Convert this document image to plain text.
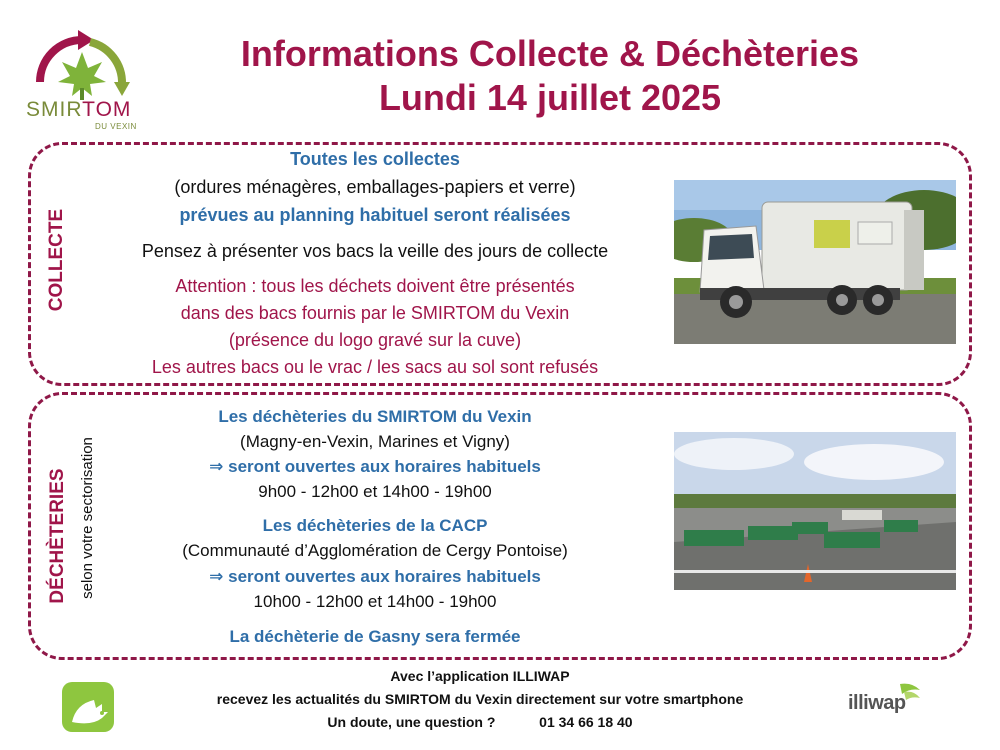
SMIRTOM
DU VEXIN
Informations Collecte & Déchèteries
Lundi 14 juillet 2025
COLLECTE
Toutes les collectes
(ordures ménagères, emballages-papiers et verre)
prévues au planning habituel seront réalisées
Pensez à présenter vos bacs la veille des jours de collecte
Attention : tous les déchets doivent être présentés
dans des bacs fournis par le SMIRTOM du Vexin
(présence du logo gravé sur la cuve)
Les autres bacs ou le vrac / les sacs au sol sont refusés
DÉCHÈTERIES selon votre sectorisation
Les déchèteries du SMIRTOM du Vexin
(Magny-en-Vexin, Marines et Vigny)
⇒ seront ouvertes aux horaires habituels
9h00 - 12h00 et 14h00 - 19h00
Les déchèteries de la CACP
(Communauté d’Agglomération de Cergy Pontoise)
⇒ seront ouvertes aux horaires habituels
10h00 - 12h00 et 14h00 - 19h00
La déchèterie de Gasny sera fermée
Avec l’application ILLIWAP
recevez les actualités du SMIRTOM du Vexin directement sur votre smartphone
Un doute, une question ?	01 34 66 18 40
illiwap
